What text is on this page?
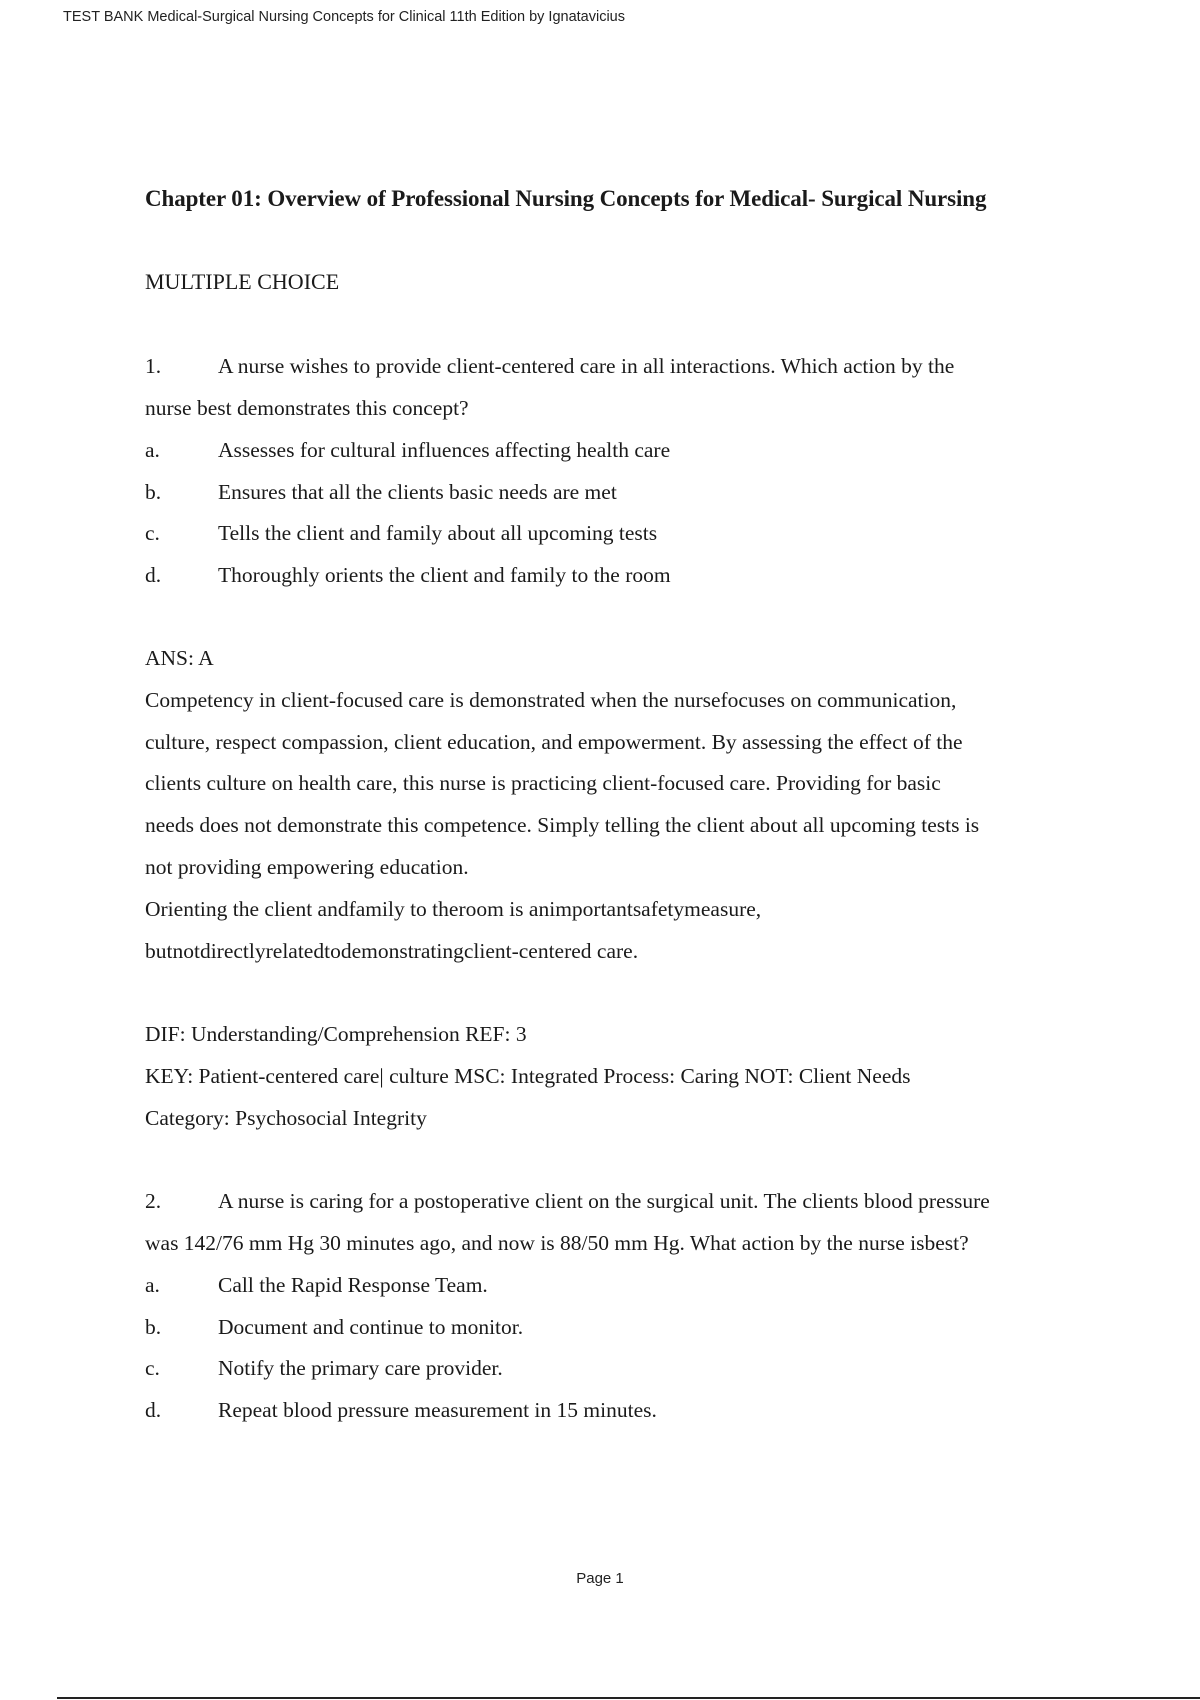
TEST BANK Medical-Surgical Nursing Concepts for Clinical 11th Edition by Ignatavicius
Chapter 01: Overview of Professional Nursing Concepts for Medical- Surgical Nursing
MULTIPLE CHOICE
1.	A nurse wishes to provide client-centered care in all interactions. Which action by the
nurse best demonstrates this concept?
a.	Assesses for cultural influences affecting health care
b.	Ensures that all the clients basic needs are met
c.	Tells the client and family about all upcoming tests
d.	Thoroughly orients the client and family to the room
ANS: A
Competency in client-focused care is demonstrated when the nursefocuses on communication,
culture, respect compassion, client education, and empowerment. By assessing the effect of the
clients culture on health care, this nurse is practicing client-focused care. Providing for basic
needs does not demonstrate this competence. Simply telling the client about all upcoming tests is
not providing empowering education.
Orienting the client andfamily to theroom is animportantsafetymeasure,
butnotdirectlyrelatedtodemonstratingclient-centered care.
DIF: Understanding/Comprehension REF: 3
KEY: Patient-centered care| culture MSC: Integrated Process: Caring NOT: Client Needs
Category: Psychosocial Integrity
2.	A nurse is caring for a postoperative client on the surgical unit. The clients blood pressure
was 142/76 mm Hg 30 minutes ago, and now is 88/50 mm Hg. What action by the nurse isbest?
a.	Call the Rapid Response Team.
b.	Document and continue to monitor.
c.	Notify the primary care provider.
d.	Repeat blood pressure measurement in 15 minutes.
Page 1
